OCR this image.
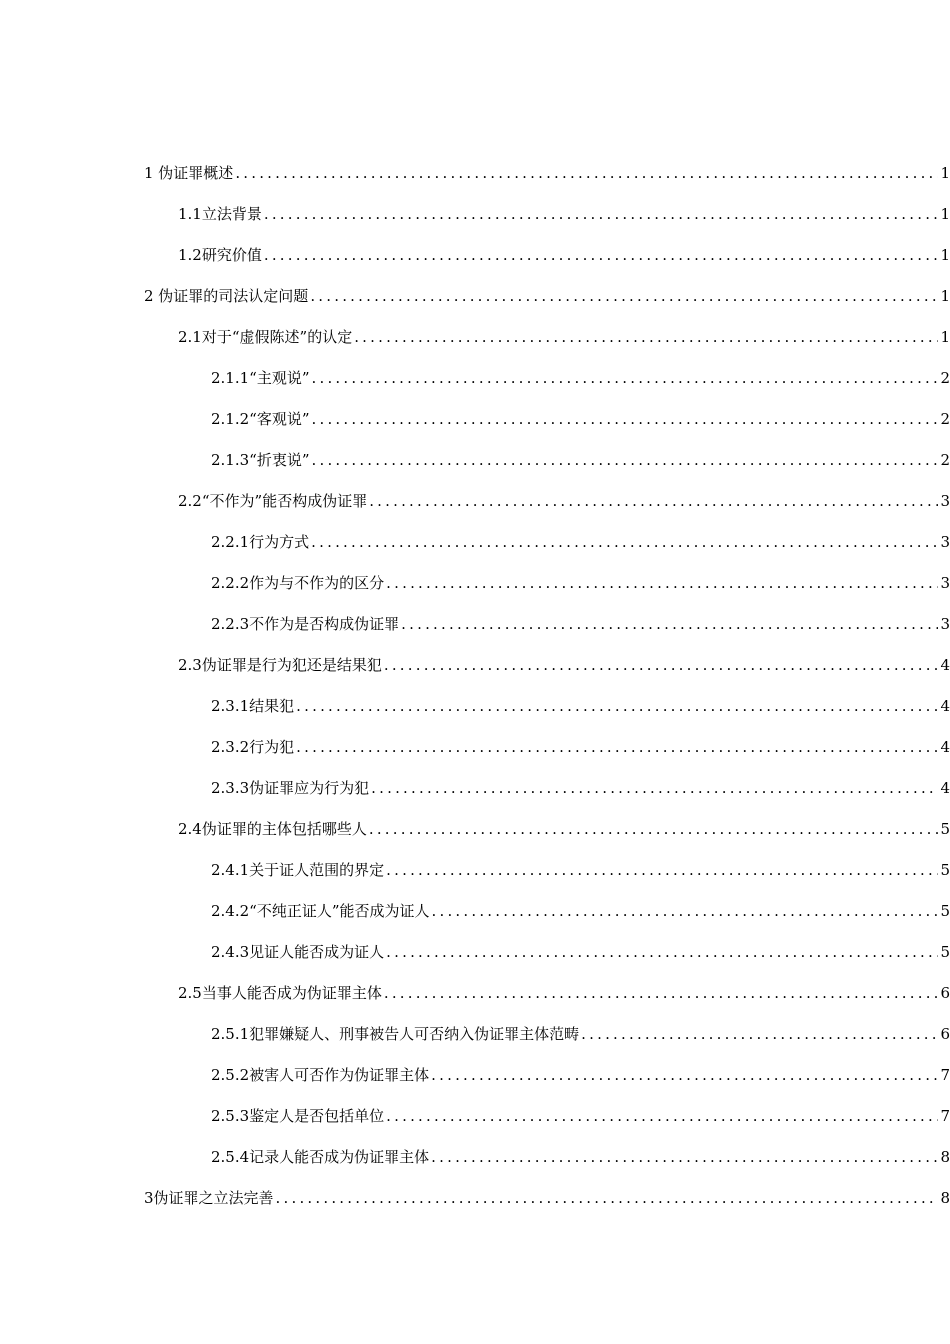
1 伪证罪概述 .....	1
1.1立法背景 .....	1
1.2研究价值 .....	1
2 伪证罪的司法认定问题 .....	1
2.1对于“虚假陈述”的认定 .....	1
2.1.1“主观说” .....	2
2.1.2“客观说” .....	2
2.1.3“折衷说” .....	2
2.2“不作为”能否构成伪证罪 .....	3
2.2.1行为方式 .....	3
2.2.2作为与不作为的区分 .....	3
2.2.3不作为是否构成伪证罪 .....	3
2.3伪证罪是行为犯还是结果犯 .....	4
2.3.1结果犯 .....	4
2.3.2行为犯 .....	4
2.3.3伪证罪应为行为犯 .....	4
2.4伪证罪的主体包括哪些人 .....	5
2.4.1关于证人范围的界定 .....	5
2.4.2“不纯正证人”能否成为证人 .....	5
2.4.3见证人能否成为证人 .....	5
2.5当事人能否成为伪证罪主体 .....	6
2.5.1犯罪嫌疑人、刑事被告人可否纳入伪证罪主体范畴 .....	6
2.5.2被害人可否作为伪证罪主体 .....	7
2.5.3鉴定人是否包括单位 .....	7
2.5.4记录人能否成为伪证罪主体 .....	8
3伪证罪之立法完善 .....	8
